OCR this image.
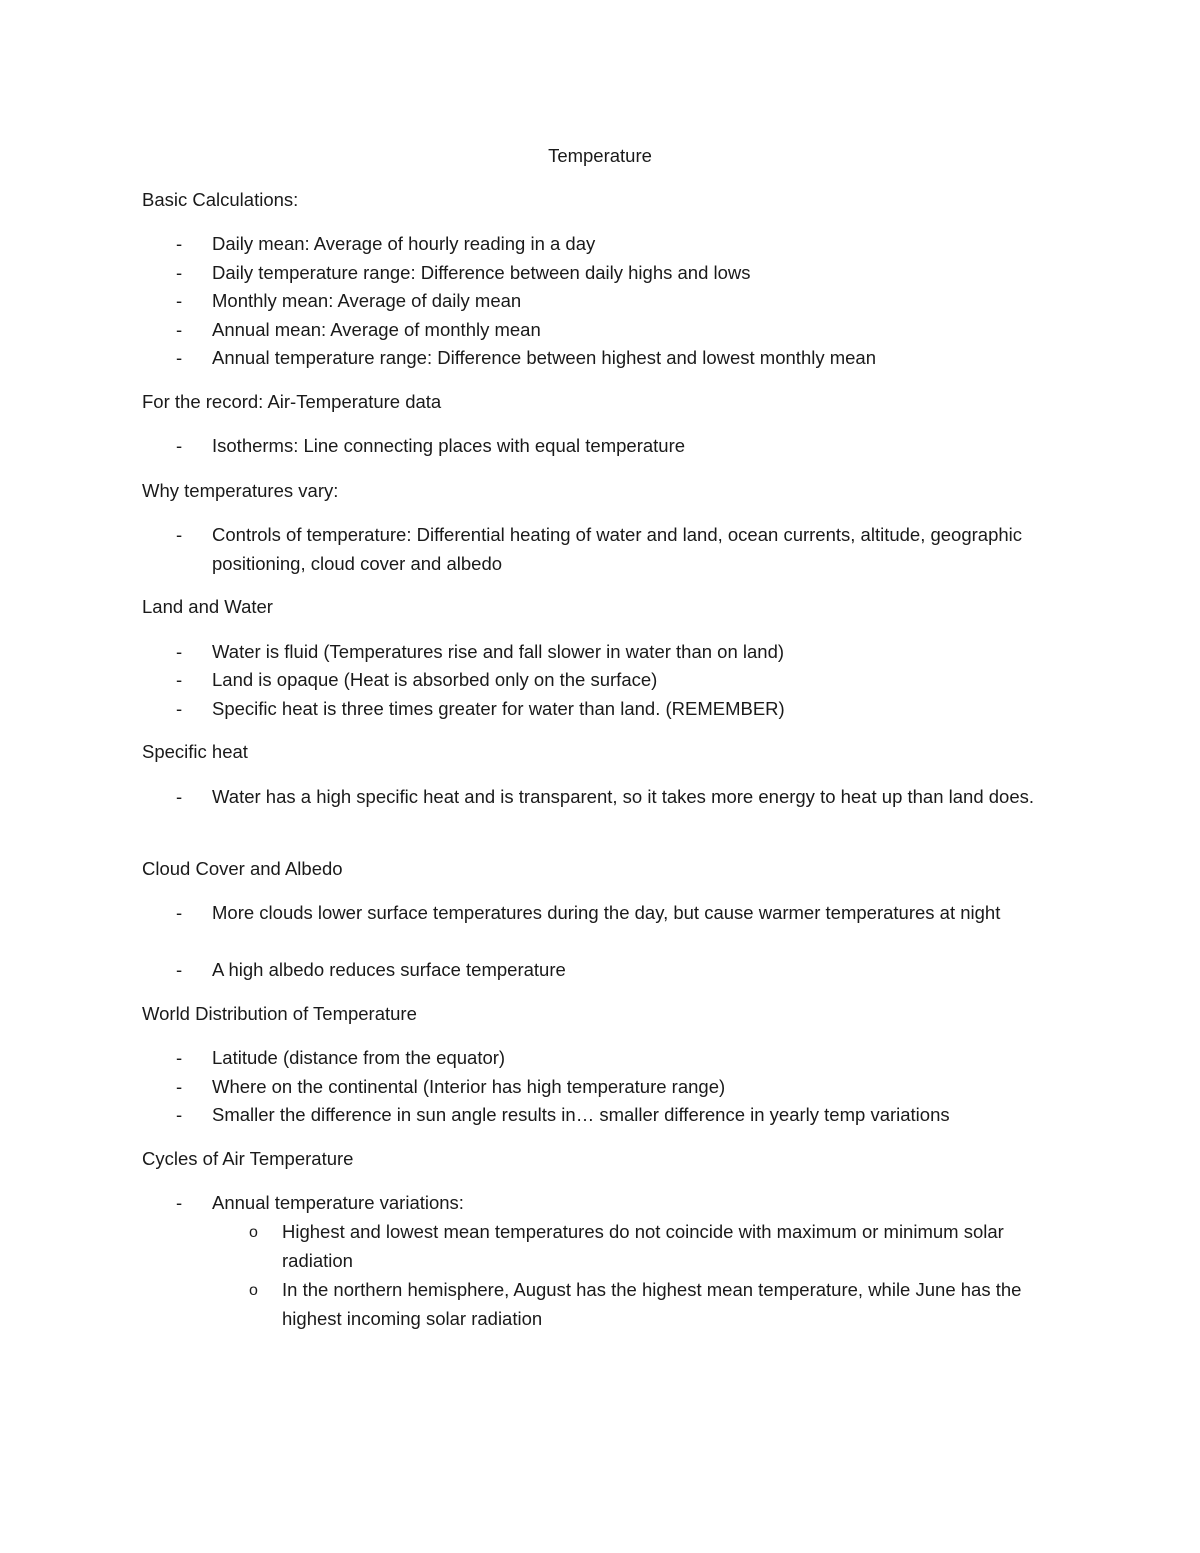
Temperature
Basic Calculations:
- Daily mean: Average of hourly reading in a day
- Daily temperature range: Difference between daily highs and lows
- Monthly mean: Average of daily mean
- Annual mean: Average of monthly mean
- Annual temperature range: Difference between highest and lowest monthly mean
For the record: Air-Temperature data
- Isotherms: Line connecting places with equal temperature
Why temperatures vary:
- Controls of temperature: Differential heating of water and land, ocean currents, altitude, geographic positioning, cloud cover and albedo
Land and Water
- Water is fluid (Temperatures rise and fall slower in water than on land)
- Land is opaque (Heat is absorbed only on the surface)
- Specific heat is three times greater for water than land. (REMEMBER)
Specific heat
- Water has a high specific heat and is transparent, so it takes more energy to heat up than land does.
Cloud Cover and Albedo
- More clouds lower surface temperatures during the day, but cause warmer temperatures at night
- A high albedo reduces surface temperature
World Distribution of Temperature
- Latitude (distance from the equator)
- Where on the continental (Interior has high temperature range)
- Smaller the difference in sun angle results in… smaller difference in yearly temp variations
Cycles of Air Temperature
- Annual temperature variations:
o Highest and lowest mean temperatures do not coincide with maximum or minimum solar radiation
o In the northern hemisphere, August has the highest mean temperature, while June has the highest incoming solar radiation
